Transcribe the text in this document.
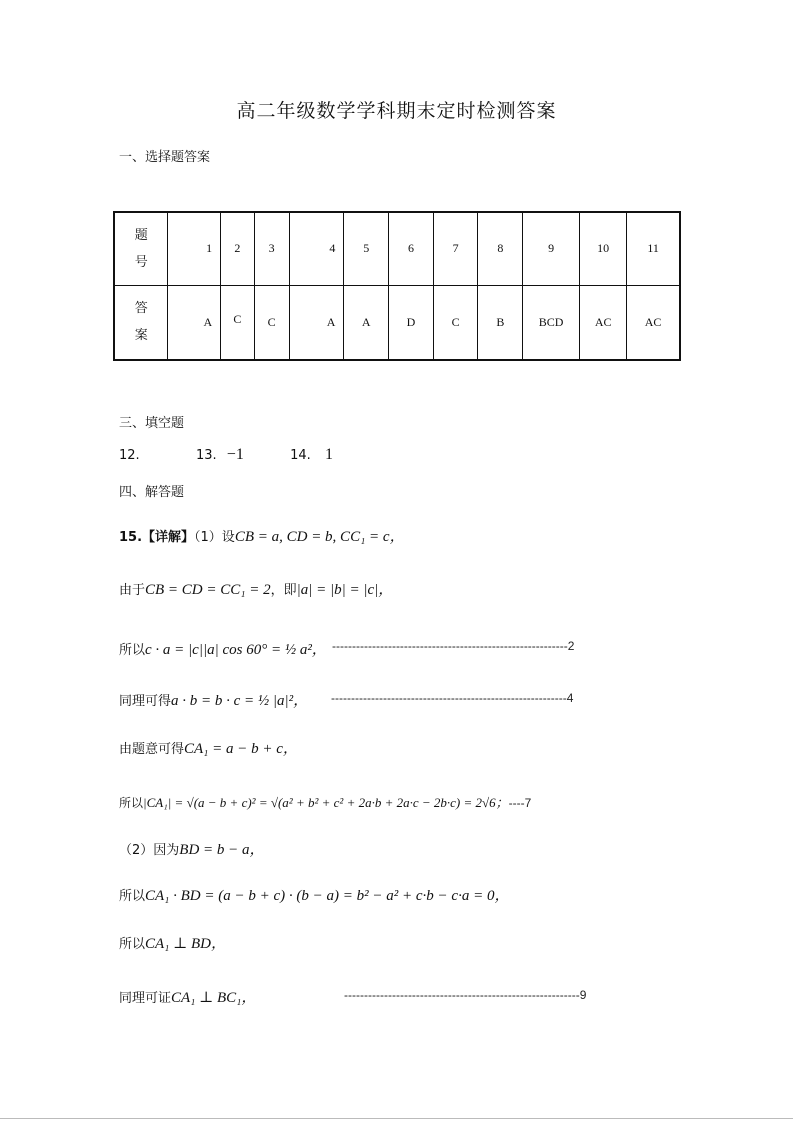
高二年级数学学科期末定时检测答案
一、选择题答案
题
号	1	2	3	4	5	6	7	8	9	10	11

答
案	A	C	C	A	A	D	C	B	BCD	AC	AC
三、填空题
12.	13. −1	14. 1
四、解答题
15.【详解】（1）设CB = a, CD = b, CC₁ = c，
由于CB = CD = CC₁ = 2，即|a| = |b| = |c|，
所以c · a = |c||a| cos 60° = ½ a²， -----------------------------------------------------------2
同理可得a · b = b · c = ½ |a|²， -----------------------------------------------------------4
由题意可得CA₁ = a − b + c，
所以|CA₁| = √(a − b + c)² = √(a² + b² + c² + 2a·b + 2a·c − 2b·c) = 2√6；----7
（2）因为BD = b − a，
所以CA₁ · BD = (a − b + c) · (b − a) = b² − a² + c·b − c·a = 0，
所以CA₁ ⊥ BD，
同理可证CA₁ ⊥ BC₁，	-----------------------------------------------------------9
